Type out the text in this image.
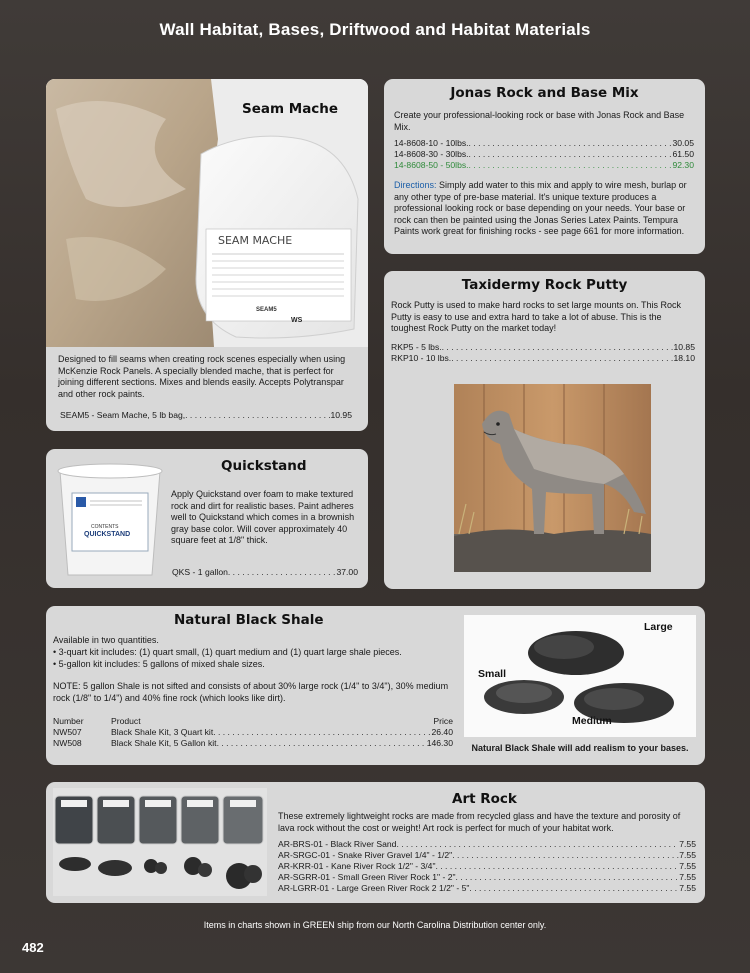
Wall Habitat, Bases, Driftwood and Habitat Materials
SEAM MACHE
SEAM5
WS
Seam Mache
Designed to fill seams when creating rock scenes especially when using McKenzie Rock Panels. A specially blended mache, that is perfect for joining different sections. Mixes and blends easily. Accepts Polytranspar and other rock paints.
SEAM5 - Seam Mache, 5 lb bag, . . .	10.95
CONTENTS
QUICKSTAND
Quickstand
Apply Quickstand over foam to make textured rock and dirt for realistic bases. Paint adheres well to Quickstand which comes in a brownish gray base color. Will cover approximately 40 square feet at 1/8" thick.
QKS - 1 gallon . . .	37.00
Jonas Rock and Base Mix
Create your professional-looking rock or base with Jonas Rock and Base Mix.
14-8608-10 - 10lbs. . . .	30.05
14-8608-30 - 30lbs. . . .	61.50
14-8608-50 - 50lbs. . . .	92.30
Directions: Simply add water to this mix and apply to wire mesh, burlap or any other type of pre-base material. It's unique texture produces a professional looking rock or base depending on your needs. Your base or rock can then be painted using the Jonas Series Latex Paints. Tempura Paints work great for finishing rocks - see page 661 for more information.
Taxidermy Rock Putty
Rock Putty is used to make hard rocks to set large mounts on. This Rock Putty is easy to use and extra hard to take a lot of abuse. This is the toughest Rock Putty on the market today!
RKP5 - 5 lbs. . . .	10.85
RKP10 - 10 lbs. . . .	18.10
Natural Black Shale
Available in two quantities.
• 3-quart kit includes: (1) quart small, (1) quart medium and (1) quart large shale pieces.
• 5-gallon kit includes: 5 gallons of mixed shale sizes.
NOTE: 5 gallon Shale is not sifted and consists of about 30% large rock (1/4" to 3/4"), 30% medium rock (1/8" to 1/4") and 40% fine rock (which looks like dirt).
Number	Product	Price
NW507	Black Shale Kit, 3 Quart kit . . .	26.40
NW508	Black Shale Kit, 5 Gallon kit . . .	146.30
Large
Small
Medium
Natural Black Shale will add realism to your bases.
Art Rock
These extremely lightweight rocks are made from recycled glass and have the texture and porosity of lava rock without the cost or weight! Art rock is perfect for much of your habitat work.
AR-BRS-01 - Black River Sand . . .	7.55
AR-SRGC-01 - Snake River Gravel 1/4" - 1/2" . . .	7.55
AR-KRR-01 - Kane River Rock 1/2" - 3/4" . . .	7.55
AR-SGRR-01 - Small Green River Rock 1" - 2" . . .	7.55
AR-LGRR-01 - Large Green River Rock 2 1/2" - 5" . . .	7.55
Items in charts shown in GREEN ship from our North Carolina Distribution center only.
482
